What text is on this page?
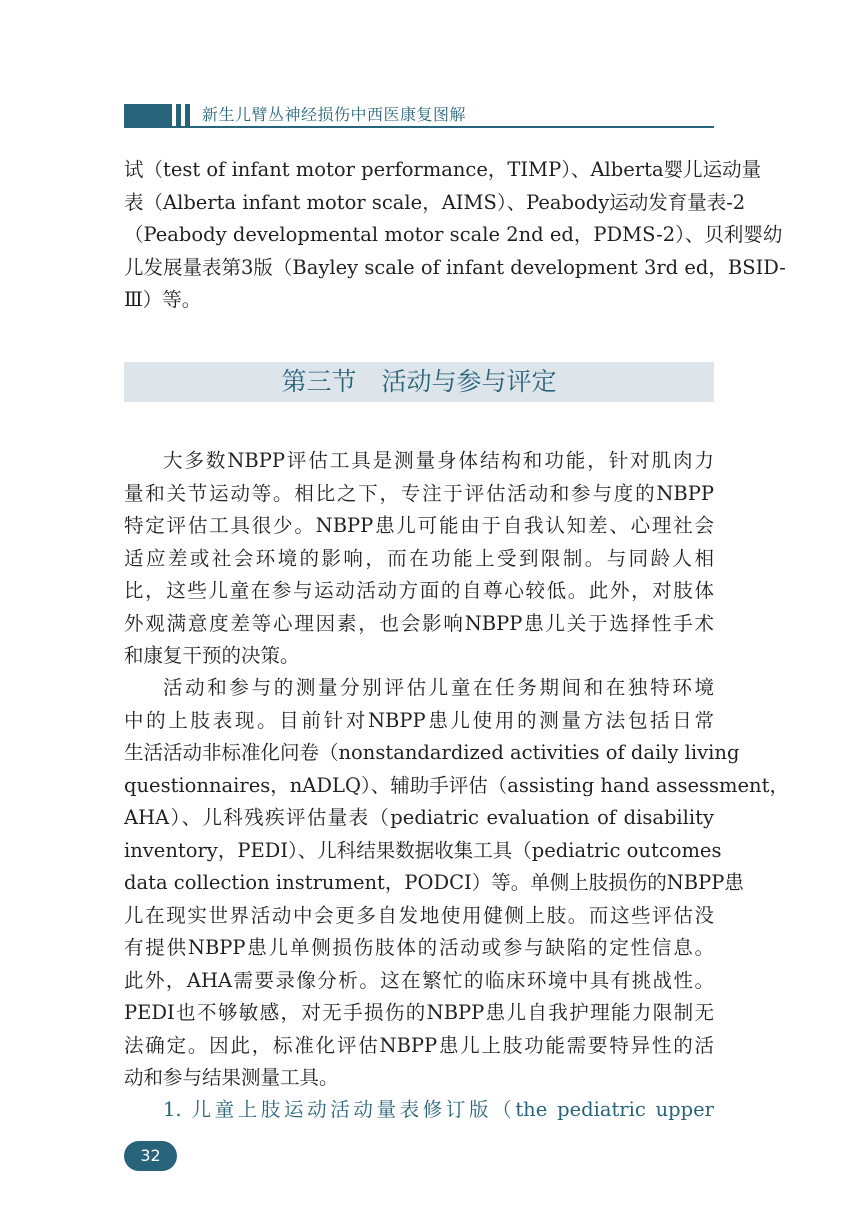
新生儿臂丛神经损伤中西医康复图解
试（test of infant motor performance，TIMP）、Alberta婴儿运动量
表（Alberta infant motor scale，AIMS）、Peabody运动发育量表-2
（Peabody developmental motor scale 2nd ed，PDMS-2）、贝利婴幼
儿发展量表第3版（Bayley scale of infant development 3rd ed，BSID-
Ⅲ）等。
第三节　活动与参与评定
大多数NBPP评估工具是测量身体结构和功能，针对肌肉力
量和关节运动等。相比之下，专注于评估活动和参与度的NBPP
特定评估工具很少。NBPP患儿可能由于自我认知差、心理社会
适应差或社会环境的影响，而在功能上受到限制。与同龄人相
比，这些儿童在参与运动活动方面的自尊心较低。此外，对肢体
外观满意度差等心理因素，也会影响NBPP患儿关于选择性手术
和康复干预的决策。
活动和参与的测量分别评估儿童在任务期间和在独特环境
中的上肢表现。目前针对NBPP患儿使用的测量方法包括日常
生活活动非标准化问卷（nonstandardized activities of daily living
questionnaires，nADLQ）、辅助手评估（assisting hand assessment，
AHA）、儿科残疾评估量表（pediatric evaluation of disability
inventory，PEDI）、儿科结果数据收集工具（pediatric outcomes
data collection instrument，PODCI）等。单侧上肢损伤的NBPP患
儿在现实世界活动中会更多自发地使用健侧上肢。而这些评估没
有提供NBPP患儿单侧损伤肢体的活动或参与缺陷的定性信息。
此外，AHA需要录像分析。这在繁忙的临床环境中具有挑战性。
PEDI也不够敏感，对无手损伤的NBPP患儿自我护理能力限制无
法确定。因此，标准化评估NBPP患儿上肢功能需要特异性的活
动和参与结果测量工具。
1. 儿童上肢运动活动量表修订版（the pediatric upper
32
